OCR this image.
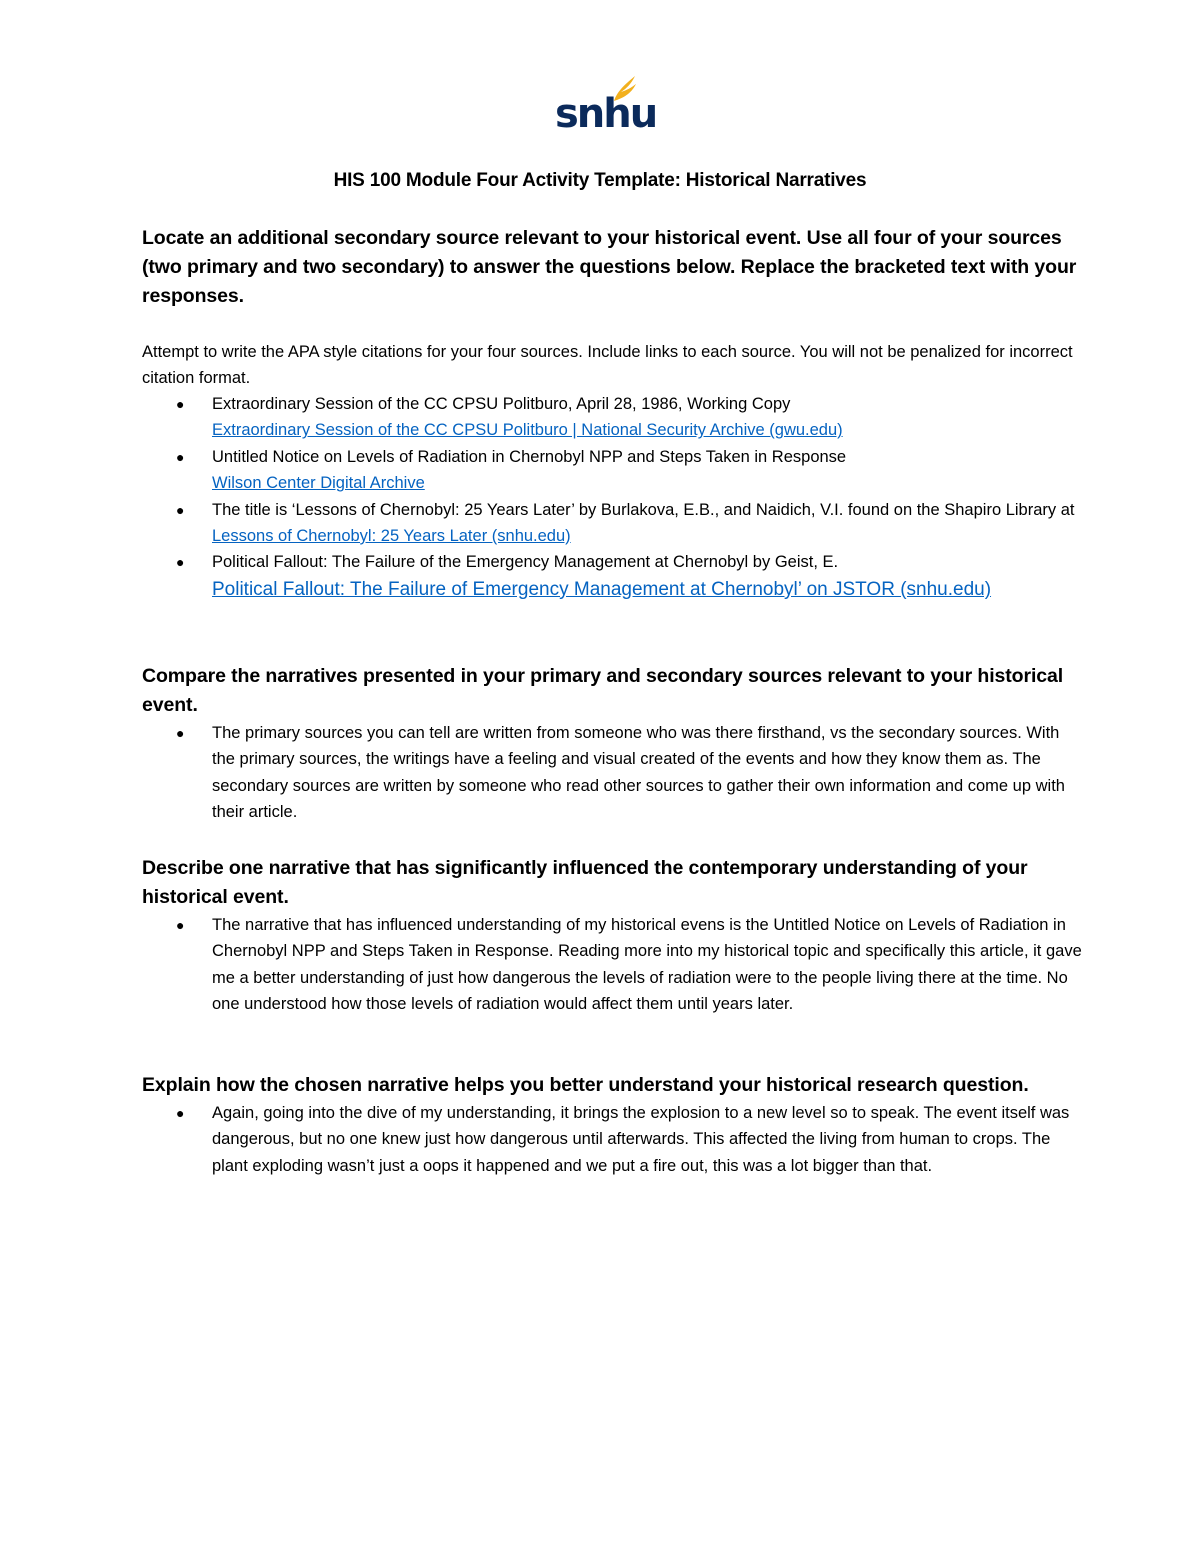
snhu
HIS 100 Module Four Activity Template: Historical Narratives

Locate an additional secondary source relevant to your historical event. Use all four of your sources (two primary and two secondary) to answer the questions below. Replace the bracketed text with your responses.

Attempt to write the APA style citations for your four sources. Include links to each source. You will not be penalized for incorrect citation format.

● Extraordinary Session of the CC CPSU Politburo, April 28, 1986, Working Copy
Extraordinary Session of the CC CPSU Politburo | National Security Archive (gwu.edu)
● Untitled Notice on Levels of Radiation in Chernobyl NPP and Steps Taken in Response
Wilson Center Digital Archive
● The title is ‘Lessons of Chernobyl: 25 Years Later’ by Burlakova, E.B., and Naidich, V.I. found on the Shapiro Library at Lessons of Chernobyl: 25 Years Later (snhu.edu)
● Political Fallout: The Failure of the Emergency Management at Chernobyl by Geist, E.
Political Fallout: The Failure of Emergency Management at Chernobyl’ on JSTOR (snhu.edu)

Compare the narratives presented in your primary and secondary sources relevant to your historical event.

● The primary sources you can tell are written from someone who was there firsthand, vs the secondary sources. With the primary sources, the writings have a feeling and visual created of the events and how they know them as. The secondary sources are written by someone who read other sources to gather their own information and come up with their article.

Describe one narrative that has significantly influenced the contemporary understanding of your historical event.

● The narrative that has influenced understanding of my historical evens is the Untitled Notice on Levels of Radiation in Chernobyl NPP and Steps Taken in Response. Reading more into my historical topic and specifically this article, it gave me a better understanding of just how dangerous the levels of radiation were to the people living there at the time. No one understood how those levels of radiation would affect them until years later.

Explain how the chosen narrative helps you better understand your historical research question.

● Again, going into the dive of my understanding, it brings the explosion to a new level so to speak. The event itself was dangerous, but no one knew just how dangerous until afterwards. This affected the living from human to crops. The plant exploding wasn’t just a oops it happened and we put a fire out, this was a lot bigger than that.
